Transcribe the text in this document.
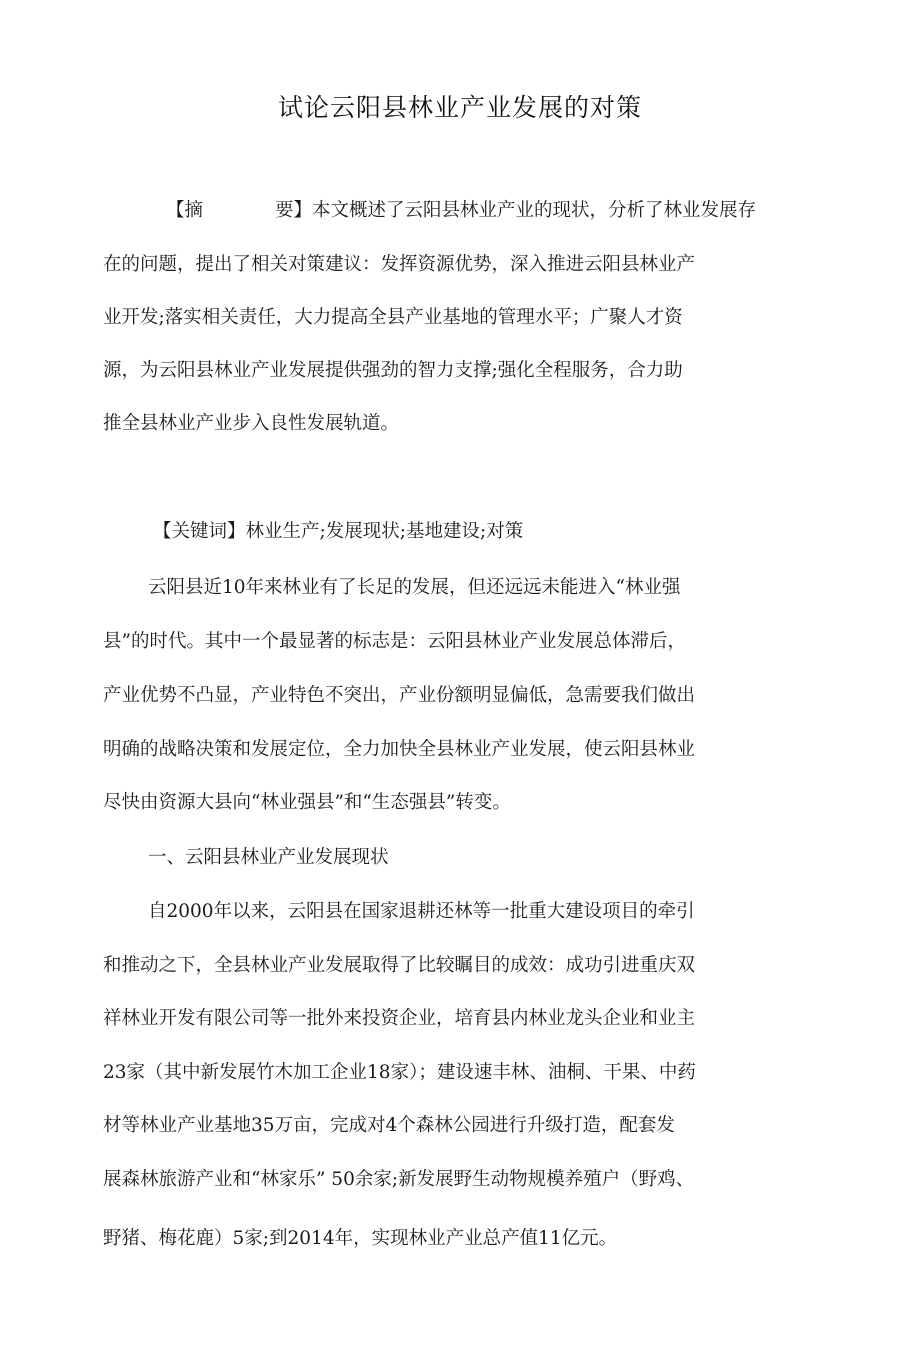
试论云阳县林业产业发展的对策
【摘	要】本文概述了云阳县林业产业的现状，分析了林业发展存
在的问题，提出了相关对策建议：发挥资源优势，深入推进云阳县林业产
业开发;落实相关责任，大力提高全县产业基地的管理水平；广聚人才资
源，为云阳县林业产业发展提供强劲的智力支撑;强化全程服务，合力助
推全县林业产业步入良性发展轨道。
【关键词】林业生产;发展现状;基地建设;对策
云阳县近10年来林业有了长足的发展，但还远远未能进入“林业强
县”的时代。其中一个最显著的标志是：云阳县林业产业发展总体滞后，
产业优势不凸显，产业特色不突出，产业份额明显偏低，急需要我们做出
明确的战略决策和发展定位，全力加快全县林业产业发展，使云阳县林业
尽快由资源大县向“林业强县”和“生态强县”转变。
一、云阳县林业产业发展现状
自2000年以来，云阳县在国家退耕还林等一批重大建设项目的牵引
和推动之下，全县林业产业发展取得了比较瞩目的成效：成功引进重庆双
祥林业开发有限公司等一批外来投资企业，培育县内林业龙头企业和业主
23家（其中新发展竹木加工企业18家）；建设速丰林、油桐、干果、中药
材等林业产业基地35万亩，完成对4个森林公园进行升级打造，配套发
展森林旅游产业和“林家乐” 50余家;新发展野生动物规模养殖户（野鸡、
野猪、梅花鹿）5家;到2014年，实现林业产业总产值11亿元。
